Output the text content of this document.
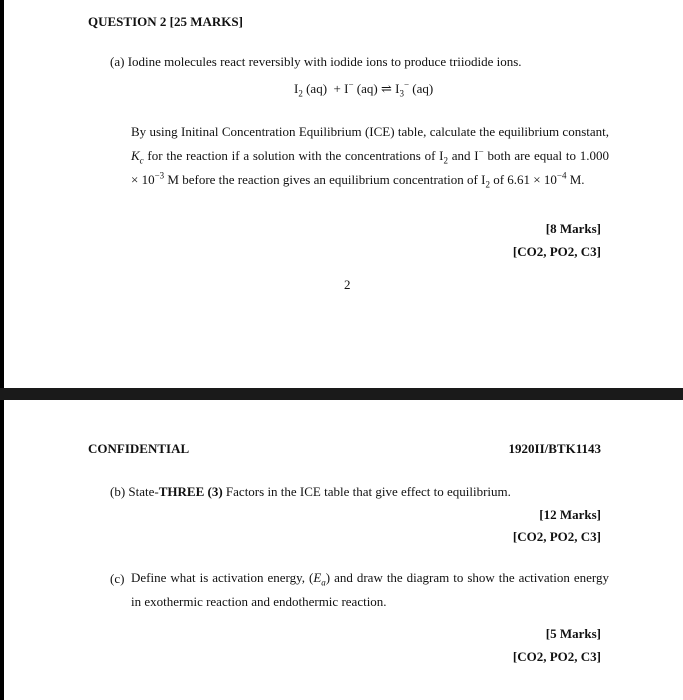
QUESTION 2 [25 MARKS]
(a) Iodine molecules react reversibly with iodide ions to produce triiodide ions.
$I_2$ (aq)  + I− (aq) ⇌ $I_3^-$ (aq)
By using Initinal Concentration Equilibrium (ICE) table, calculate the equilibrium constant, $K_c$ for the reaction if a solution with the concentrations of $I_2$ and I− both are equal to $1.000 \times 10^{-3}$ M before the reaction gives an equilibrium concentration of $I_2$ of $6.61 \times 10^{-4}$ M.
[8 Marks]
[CO2, PO2, C3]
2
CONFIDENTIAL	1920II/BTK1143
(b) State-THREE (3) Factors in the ICE table that give effect to equilibrium.
[12 Marks]
[CO2, PO2, C3]
(c) Define what is activation energy, $(E_a)$ and draw the diagram to show the activation energy in exothermic reaction and endothermic reaction.
[5 Marks]
[CO2, PO2, C3]
